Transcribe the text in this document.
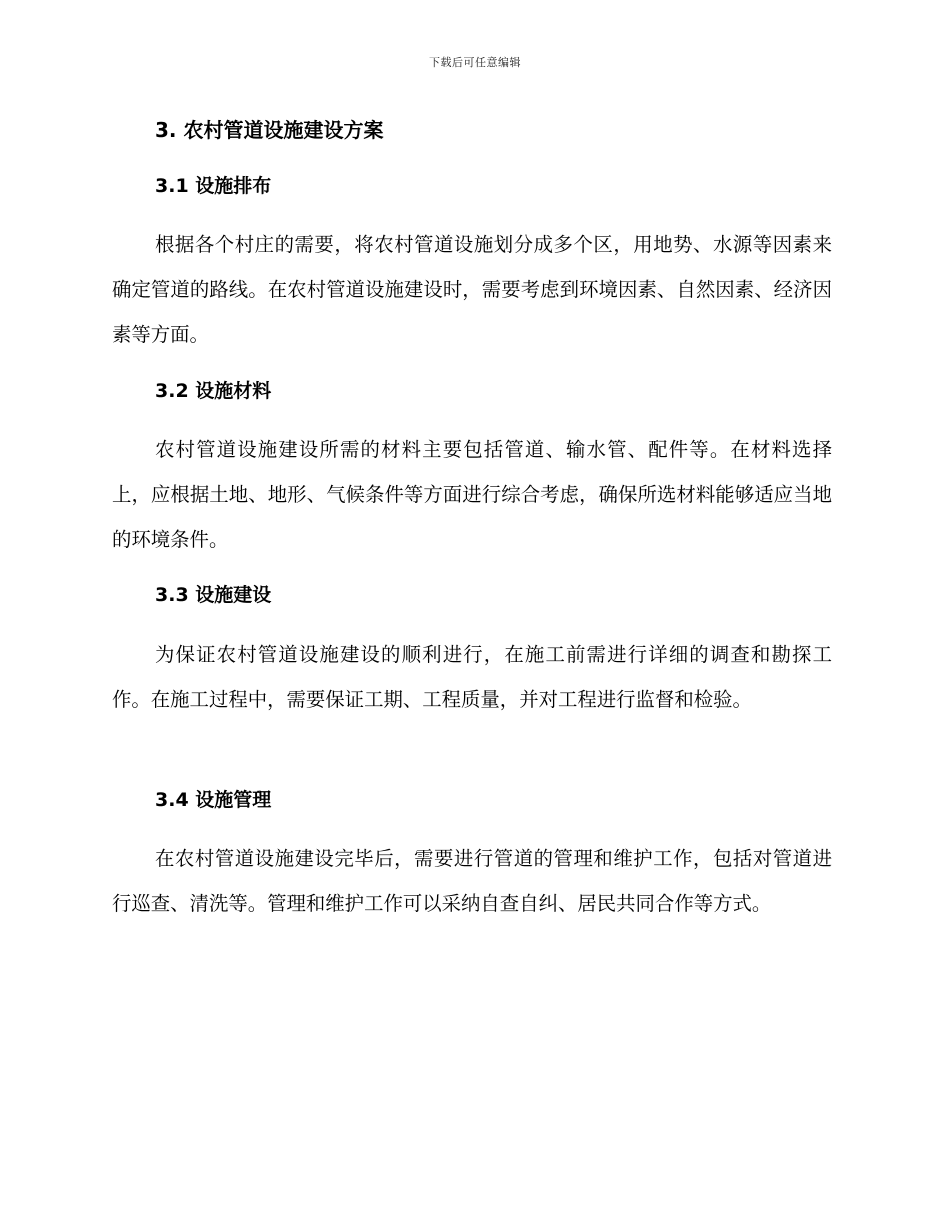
下载后可任意编辑
3. 农村管道设施建设方案
3.1 设施排布

根据各个村庄的需要，将农村管道设施划分成多个区，用地势、水源等因素来确定管道的路线。在农村管道设施建设时，需要考虑到环境因素、自然因素、经济因素等方面。

3.2 设施材料

农村管道设施建设所需的材料主要包括管道、输水管、配件等。在材料选择上，应根据土地、地形、气候条件等方面进行综合考虑，确保所选材料能够适应当地的环境条件。

3.3 设施建设

为保证农村管道设施建设的顺利进行，在施工前需进行详细的调查和勘探工作。在施工过程中，需要保证工期、工程质量，并对工程进行监督和检验。

3.4 设施管理

在农村管道设施建设完毕后，需要进行管道的管理和维护工作，包括对管道进行巡查、清洗等。管理和维护工作可以采纳自查自纠、居民共同合作等方式。
